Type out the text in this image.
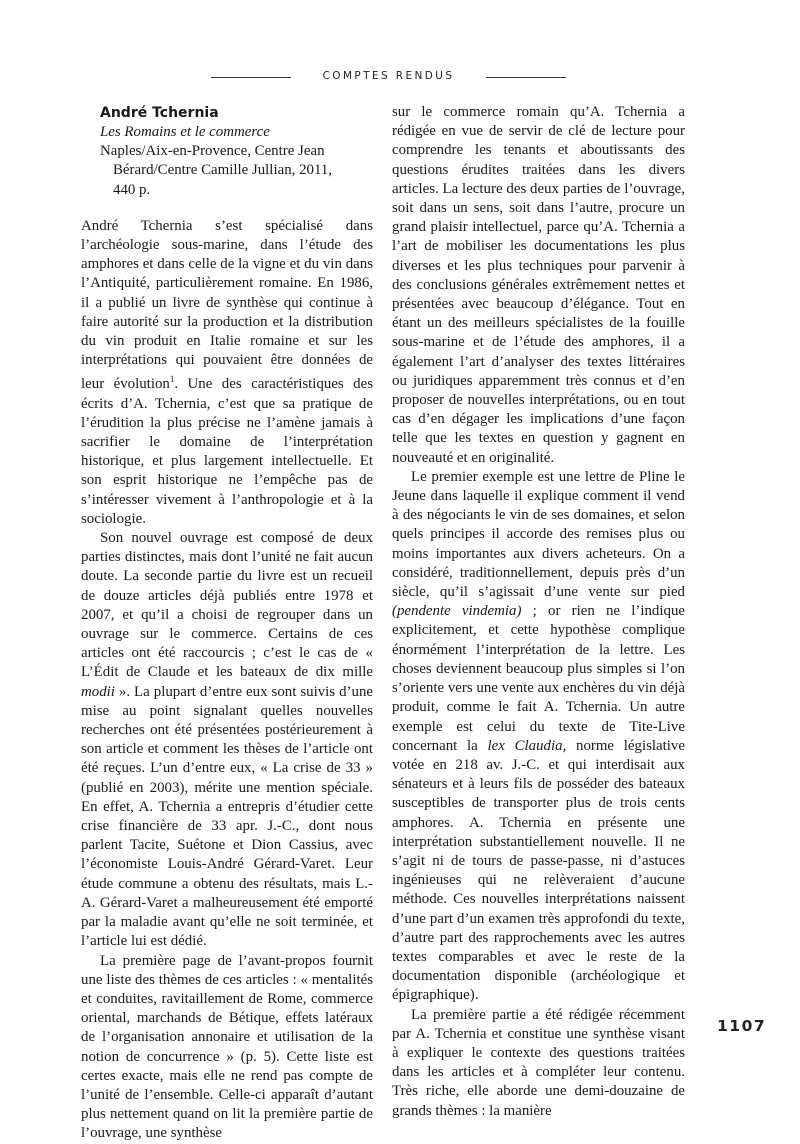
COMPTES RENDUS
André Tchernia
Les Romains et le commerce
Naples/Aix-en-Provence, Centre Jean
Bérard/Centre Camille Jullian, 2011,
440 p.

André Tchernia s’est spécialisé dans l’archéologie sous-marine, dans l’étude des amphores et dans celle de la vigne et du vin dans l’Antiquité, particulièrement romaine. En 1986, il a publié un livre de synthèse qui continue à faire autorité sur la production et la distribution du vin produit en Italie romaine et sur les interprétations qui pouvaient être données de leur évolution$^1$. Une des caractéristiques des écrits d’A. Tchernia, c’est que sa pratique de l’érudition la plus précise ne l’amène jamais à sacrifier le domaine de l’interprétation historique, et plus largement intellectuelle. Et son esprit historique ne l’empêche pas de s’intéresser vivement à l’anthropologie et à la sociologie.

Son nouvel ouvrage est composé de deux parties distinctes, mais dont l’unité ne fait aucun doute. La seconde partie du livre est un recueil de douze articles déjà publiés entre 1978 et 2007, et qu’il a choisi de regrouper dans un ouvrage sur le commerce. Certains de ces articles ont été raccourcis ; c’est le cas de « L’Édit de Claude et les bateaux de dix mille modii ». La plupart d’entre eux sont suivis d’une mise au point signalant quelles nouvelles recherches ont été présentées postérieurement à son article et comment les thèses de l’article ont été reçues. L’un d’entre eux, « La crise de 33 » (publié en 2003), mérite une mention spéciale. En effet, A. Tchernia a entrepris d’étudier cette crise financière de 33 apr. J.-C., dont nous parlent Tacite, Suétone et Dion Cassius, avec l’économiste Louis-André Gérard-Varet. Leur étude commune a obtenu des résultats, mais L.-A. Gérard-Varet a malheureusement été emporté par la maladie avant qu’elle ne soit terminée, et l’article lui est dédié.

La première page de l’avant-propos fournit une liste des thèmes de ces articles : « mentalités et conduites, ravitaillement de Rome, commerce oriental, marchands de Bétique, effets latéraux de l’organisation annonaire et utilisation de la notion de concurrence » (p. 5). Cette liste est certes exacte, mais elle ne rend pas compte de l’unité de l’ensemble. Celle-ci apparaît d’autant plus nettement quand on lit la première partie de l’ouvrage, une synthèse

sur le commerce romain qu’A. Tchernia a rédigée en vue de servir de clé de lecture pour comprendre les tenants et aboutissants des questions érudites traitées dans les divers articles. La lecture des deux parties de l’ouvrage, soit dans un sens, soit dans l’autre, procure un grand plaisir intellectuel, parce qu’A. Tchernia a l’art de mobiliser les documentations les plus diverses et les plus techniques pour parvenir à des conclusions générales extrêmement nettes et présentées avec beaucoup d’élégance. Tout en étant un des meilleurs spécialistes de la fouille sous-marine et de l’étude des amphores, il a également l’art d’analyser des textes littéraires ou juridiques apparemment très connus et d’en proposer de nouvelles interprétations, ou en tout cas d’en dégager les implications d’une façon telle que les textes en question y gagnent en nouveauté et en originalité.

Le premier exemple est une lettre de Pline le Jeune dans laquelle il explique comment il vend à des négociants le vin de ses domaines, et selon quels principes il accorde des remises plus ou moins importantes aux divers acheteurs. On a considéré, traditionnellement, depuis près d’un siècle, qu’il s’agissait d’une vente sur pied (pendente vindemia) ; or rien ne l’indique explicitement, et cette hypothèse complique énormément l’interprétation de la lettre. Les choses deviennent beaucoup plus simples si l’on s’oriente vers une vente aux enchères du vin déjà produit, comme le fait A. Tchernia. Un autre exemple est celui du texte de Tite-Live concernant la lex Claudia, norme législative votée en 218 av. J.-C. et qui interdisait aux sénateurs et à leurs fils de posséder des bateaux susceptibles de transporter plus de trois cents amphores. A. Tchernia en présente une interprétation substantiellement nouvelle. Il ne s’agit ni de tours de passe-passe, ni d’astuces ingénieuses qui ne relèveraient d’aucune méthode. Ces nouvelles interprétations naissent d’une part d’un examen très approfondi du texte, d’autre part des rapprochements avec les autres textes comparables et avec le reste de la documentation disponible (archéologique et épigraphique).

La première partie a été rédigée récemment par A. Tchernia et constitue une synthèse visant à expliquer le contexte des questions traitées dans les articles et à compléter leur contenu. Très riche, elle aborde une demi-douzaine de grands thèmes : la manière

1107
